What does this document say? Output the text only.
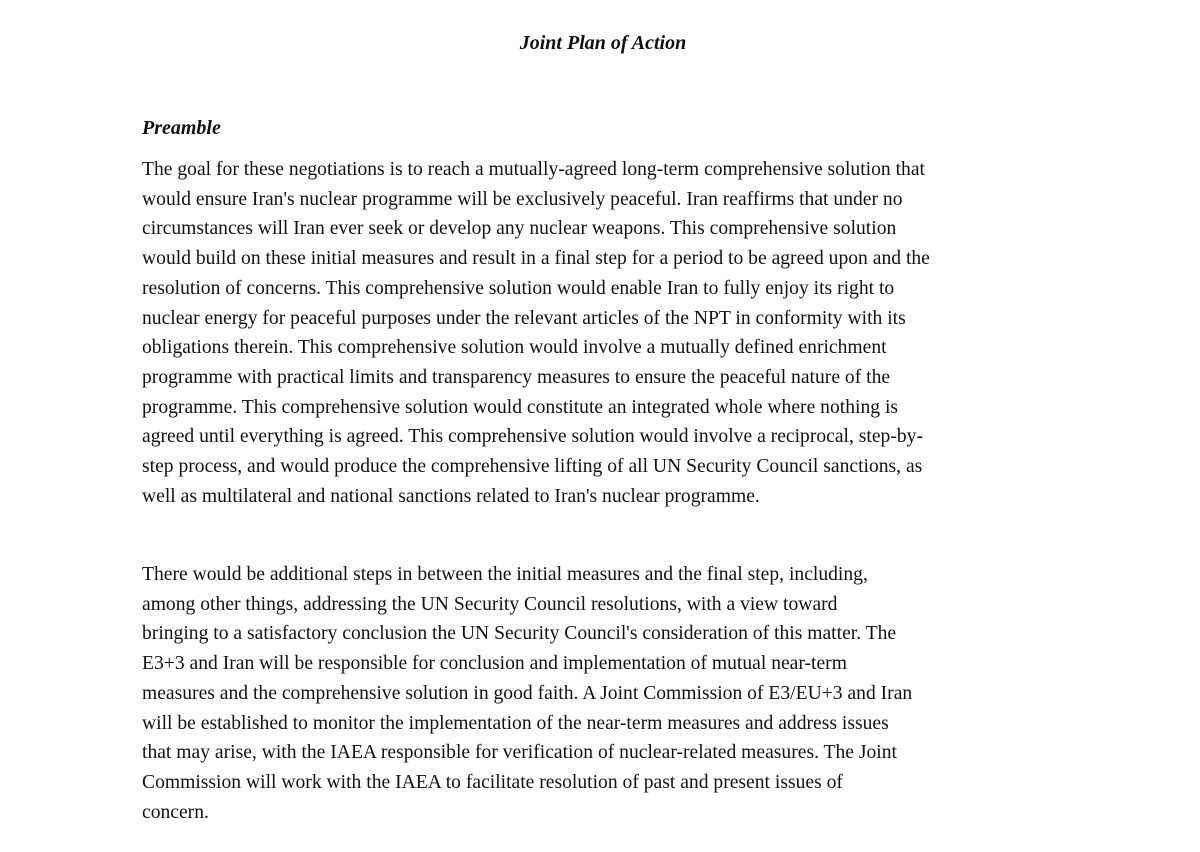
Joint Plan of Action
Preamble
The goal for these negotiations is to reach a mutually-agreed long-term comprehensive solution that
would ensure Iran's nuclear programme will be exclusively peaceful. Iran reaffirms that under no
circumstances will Iran ever seek or develop any nuclear weapons. This comprehensive solution
would build on these initial measures and result in a final step for a period to be agreed upon and the
resolution of concerns. This comprehensive solution would enable Iran to fully enjoy its right to
nuclear energy for peaceful purposes under the relevant articles of the NPT in conformity with its
obligations therein. This comprehensive solution would involve a mutually defined enrichment
programme with practical limits and transparency measures to ensure the peaceful nature of the
programme. This comprehensive solution would constitute an integrated whole where nothing is
agreed until everything is agreed. This comprehensive solution would involve a reciprocal, step-by-
step process, and would produce the comprehensive lifting of all UN Security Council sanctions, as
well as multilateral and national sanctions related to Iran's nuclear programme.
There would be additional steps in between the initial measures and the final step, including,
among other things, addressing the UN Security Council resolutions, with a view toward
bringing to a satisfactory conclusion the UN Security Council's consideration of this matter. The
E3+3 and Iran will be responsible for conclusion and implementation of mutual near-term
measures and the comprehensive solution in good faith. A Joint Commission of E3/EU+3 and Iran
will be established to monitor the implementation of the near-term measures and address issues
that may arise, with the IAEA responsible for verification of nuclear-related measures. The Joint
Commission will work with the IAEA to facilitate resolution of past and present issues of
concern.
